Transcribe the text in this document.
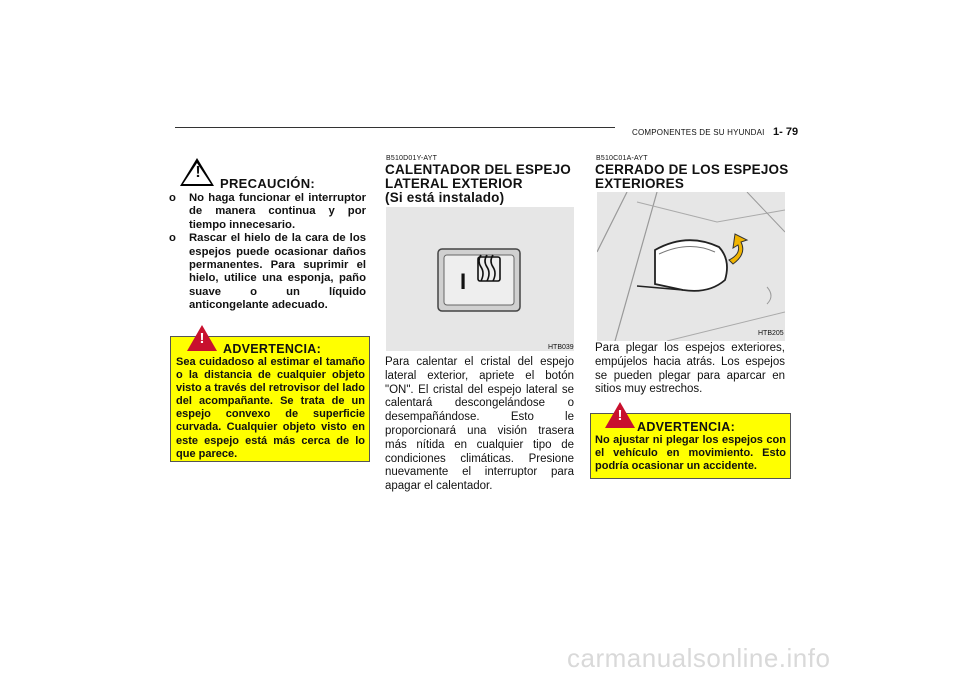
COMPONENTES DE SU HYUNDAI 1- 79
!
PRECAUCIÓN:
o No haga funcionar el interruptor de manera continua y por tiempo innecesario.
o Rascar el hielo de la cara de los espejos puede ocasionar daños permanentes. Para suprimir el hielo, utilice una esponja, paño suave o un líquido anticongelante adecuado.
!
ADVERTENCIA:
Sea cuidadoso al estimar el tamaño o la distancia de cualquier objeto visto a través del retrovisor del lado del acompañante. Se trata de un espejo convexo de superficie curvada. Cualquier objeto visto en este espejo está más cerca de lo que parece.
B510D01Y-AYT
CALENTADOR DEL ESPEJO
LATERAL EXTERIOR
(Si está instalado)
I
HTB039
Para calentar el cristal del espejo lateral exterior, apriete el botón "ON". El cristal del espejo lateral se calentará descongelándose o desempañándose. Esto le proporcionará una visión trasera más nítida en cualquier tipo de condiciones climáticas. Presione nuevamente el interruptor para apagar el calentador.
B510C01A-AYT
CERRADO DE LOS ESPEJOS
EXTERIORES
HTB205
Para plegar los espejos exteriores, empújelos hacia atrás. Los espejos se pueden plegar para aparcar en sitios muy estrechos.
!
ADVERTENCIA:
No ajustar ni plegar los espejos con el vehículo en movimiento. Esto podría ocasionar un accidente.
carmanualsonline.info
